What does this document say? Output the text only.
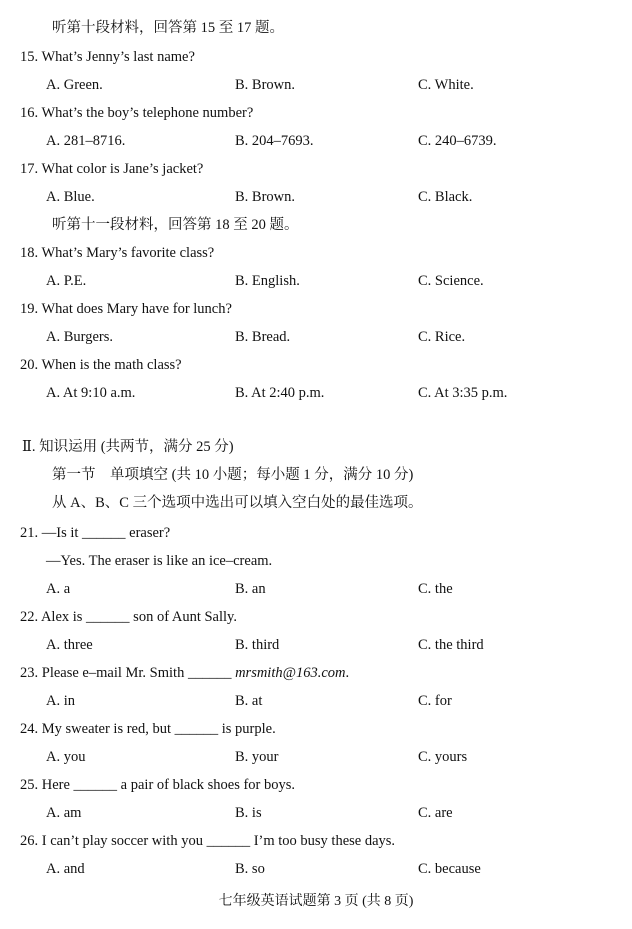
听第十段材料，回答第 15 至 17 题。
15. What’s Jenny’s last name?
A. Green.	B. Brown.	C. White.
16. What’s the boy’s telephone number?
A. 281–8716.	B. 204–7693.	C. 240–6739.
17. What color is Jane’s jacket?
A. Blue.	B. Brown.	C. Black.
听第十一段材料，回答第 18 至 20 题。
18. What’s Mary’s favorite class?
A. P.E.	B. English.	C. Science.
19. What does Mary have for lunch?
A. Burgers.	B. Bread.	C. Rice.
20. When is the math class?
A. At 9:10 a.m.	B. At 2:40 p.m.	C. At 3:35 p.m.
Ⅱ. 知识运用 (共两节，满分 25 分)
第一节　单项填空 (共 10 小题；每小题 1 分，满分 10 分)
从 A、B、C 三个选项中选出可以填入空白处的最佳选项。
21. —Is it ______ eraser?
—Yes. The eraser is like an ice–cream.
A. a	B. an	C. the
22. Alex is ______ son of Aunt Sally.
A. three	B. third	C. the third
23. Please e–mail Mr. Smith ______ mrsmith@163.com.
A. in	B. at	C. for
24. My sweater is red, but ______ is purple.
A. you	B. your	C. yours
25. Here ______ a pair of black shoes for boys.
A. am	B. is	C. are
26. I can’t play soccer with you ______ I’m too busy these days.
A. and	B. so	C. because
七年级英语试题第 3 页 (共 8 页)
